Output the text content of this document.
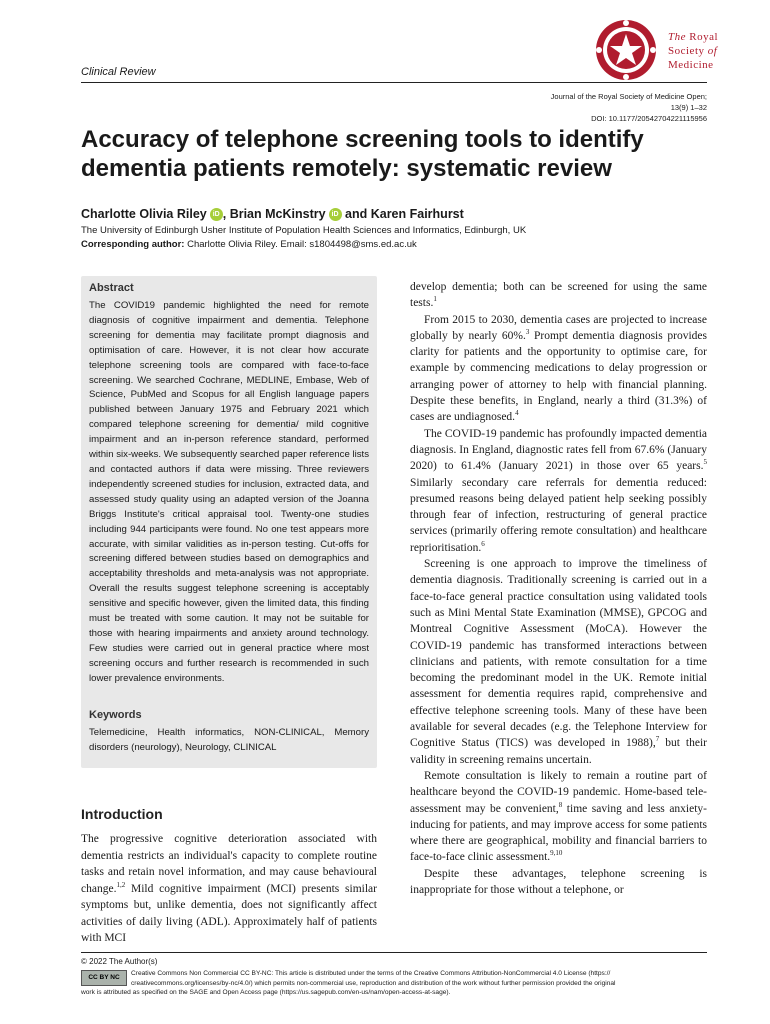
The Royal
Society of
Medicine
Clinical Review
Journal of the Royal Society of Medicine Open;
13(9) 1–32
DOI: 10.1177/20542704221115956
Accuracy of telephone screening tools to identify dementia patients remotely: systematic review
Charlotte Olivia Riley iD , Brian McKinstry iD and Karen Fairhurst
The University of Edinburgh Usher Institute of Population Health Sciences and Informatics, Edinburgh, UK
Corresponding author: Charlotte Olivia Riley. Email: s1804498@sms.ed.ac.uk
Abstract
The COVID19 pandemic highlighted the need for remote diagnosis of cognitive impairment and dementia. Telephone screening for dementia may facilitate prompt diagnosis and optimisation of care. However, it is not clear how accurate telephone screening tools are compared with face-to-face screening. We searched Cochrane, MEDLINE, Embase, Web of Science, PubMed and Scopus for all English language papers published between January 1975 and February 2021 which compared telephone screening for dementia/ mild cognitive impairment and an in-person reference standard, performed within six-weeks. We subsequently searched paper reference lists and contacted authors if data were missing. Three reviewers independently screened studies for inclusion, extracted data, and assessed study quality using an adapted version of the Joanna Briggs Institute's critical appraisal tool. Twenty-one studies including 944 participants were found. No one test appears more accurate, with similar validities as in-person testing. Cut-offs for screening differed between studies based on demographics and acceptability thresholds and meta-analysis was not appropriate. Overall the results suggest telephone screening is acceptably sensitive and specific however, given the limited data, this finding must be treated with some caution. It may not be suitable for those with hearing impairments and anxiety around technology. Few studies were carried out in general practice where most screening occurs and further research is recommended in such lower prevalence environments.
Keywords
Telemedicine, Health informatics, NON-CLINICAL, Memory disorders (neurology), Neurology, CLINICAL
Introduction
The progressive cognitive deterioration associated with dementia restricts an individual's capacity to complete routine tasks and retain novel information, and may cause behavioural change.$^{1,2}$ Mild cognitive impairment (MCI) presents similar symptoms but, unlike dementia, does not significantly affect activities of daily living (ADL). Approximately half of patients with MCI

develop dementia; both can be screened for using the same tests.$^1$

From 2015 to 2030, dementia cases are projected to increase globally by nearly 60%.$^3$ Prompt dementia diagnosis provides clarity for patients and the opportunity to optimise care, for example by commencing medications to delay progression or arranging power of attorney to help with financial planning. Despite these benefits, in England, nearly a third (31.3%) of cases are undiagnosed.$^4$

The COVID-19 pandemic has profoundly impacted dementia diagnosis. In England, diagnostic rates fell from 67.6% (January 2020) to 61.4% (January 2021) in those over 65 years.$^5$ Similarly secondary care referrals for dementia reduced: presumed reasons being delayed patient help seeking possibly through fear of infection, restructuring of general practice services (primarily offering remote consultation) and healthcare reprioritisation.$^6$

Screening is one approach to improve the timeliness of dementia diagnosis. Traditionally screening is carried out in a face-to-face general practice consultation using validated tools such as Mini Mental State Examination (MMSE), GPCOG and Montreal Cognitive Assessment (MoCA). However the COVID-19 pandemic has transformed interactions between clinicians and patients, with remote consultation for a time becoming the predominant model in the UK. Remote initial assessment for dementia requires rapid, comprehensive and effective telephone screening tools. Many of these have been available for several decades (e.g. the Telephone Interview for Cognitive Status (TICS) was developed in 1988),$^7$ but their validity in screening remains uncertain.

Remote consultation is likely to remain a routine part of healthcare beyond the COVID-19 pandemic. Home-based tele-assessment may be convenient,$^8$ time saving and less anxiety-inducing for patients, and may improve access for some patients where there are geographical, mobility and financial barriers to face-to-face clinic assessment.$^{9,10}$

Despite these advantages, telephone screening is inappropriate for those without a telephone, or

© 2022 The Author(s)
CC BY NC
Creative Commons Non Commercial CC BY-NC: This article is distributed under the terms of the Creative Commons Attribution-NonCommercial 4.0 License (https://
creativecommons.org/licenses/by-nc/4.0/) which permits non-commercial use, reproduction and distribution of the work without further permission provided the original
work is attributed as specified on the SAGE and Open Access page (https://us.sagepub.com/en-us/nam/open-access-at-sage).
